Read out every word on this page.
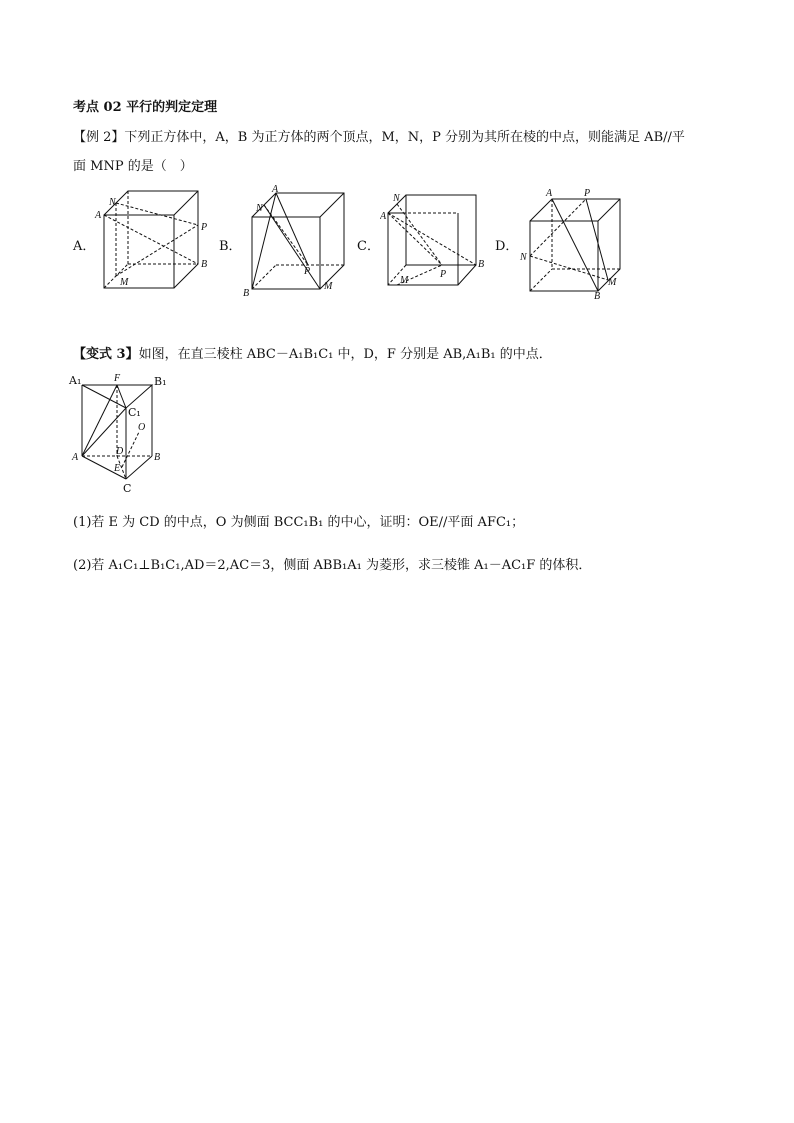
考点 02 平行的判定定理
【例 2】下列正方体中，A，B 为正方体的两个顶点，M，N，P 分别为其所在棱的中点，则能满足 AB//平
面 MNP 的是（　）
A．	B．	C．	D．
N
A
P
B
M
A
N
P
B
M
N
A
P
B
M
A	P
N
B
M
【变式 3】如图，在直三棱柱 ABC－A₁B₁C₁ 中，D，F 分别是 AB,A₁B₁ 的中点．
A₁	F	B₁
C₁
O
D
A
E
B
C
(1)若 E 为 CD 的中点，O 为侧面 BCC₁B₁ 的中心，证明：OE//平面 AFC₁；
(2)若 A₁C₁⊥B₁C₁,AD＝2,AC＝3，侧面 ABB₁A₁ 为菱形，求三棱锥 A₁－AC₁F 的体积．
